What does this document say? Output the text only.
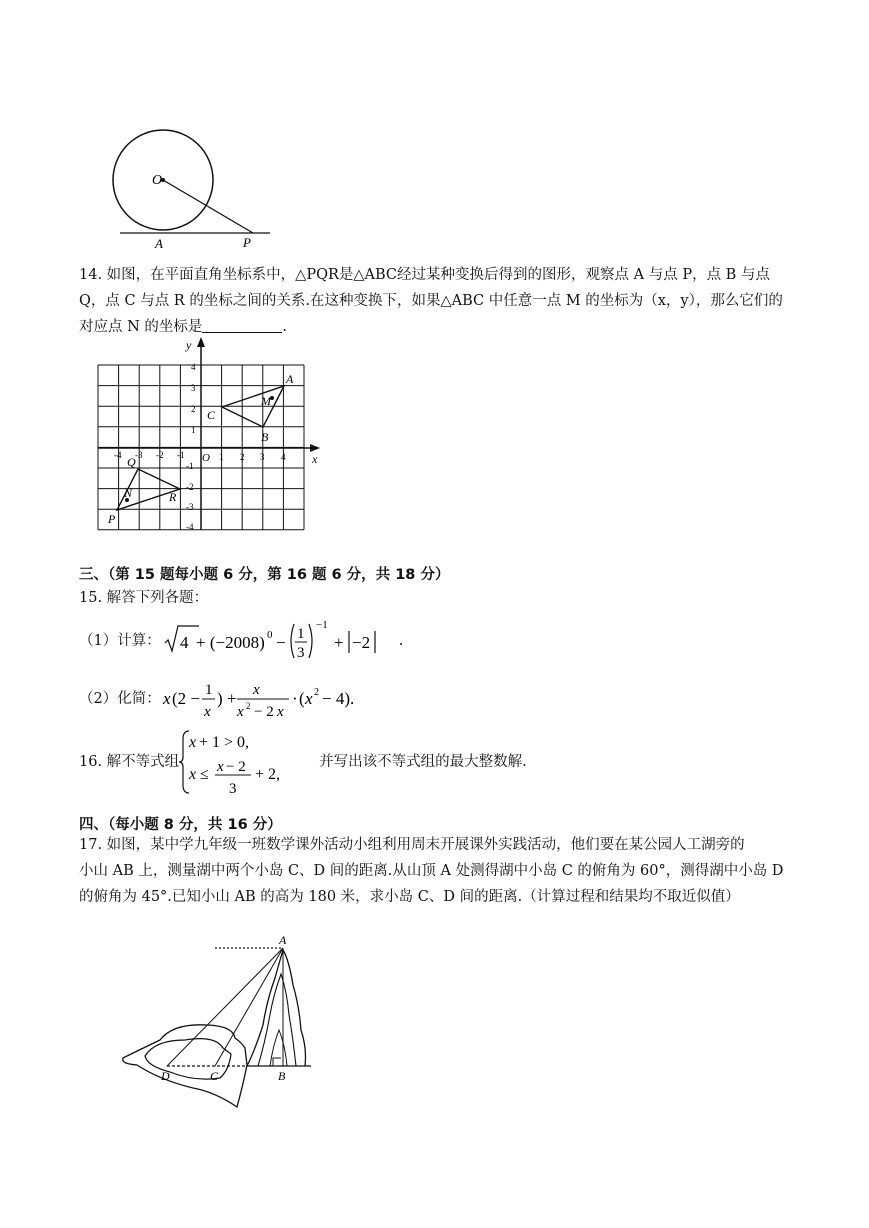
O
A	P
14. 如图，在平面直角坐标系中，△PQR是△ABC经过某种变换后得到的图形，观察点 A 与点 P，点 B 与点
Q，点 C 与点 R 的坐标之间的关系.在这种变换下，如果△ABC 中任意一点 M 的坐标为（x，y），那么它们的
对应点 N 的坐标是	.
x
y
O 1 2 3 4
-4 -3 -2 -1
4
3
2
1
-1
-2
-3
-4
A
B
C
M
P
Q
R
N
三、（第 15 题每小题 6 分，第 16 题 6 分，共 18 分）
15. 解答下列各题：
（1）计算： 4 + (−2008) 0 − 1
3
−1
+ −2 .
（2）化简： x (2 − 1
x
) + x
x 2 − 2 x
· ( x 2 − 4).
16. 解不等式组
x + 1 > 0,
x ≤ x − 2
3
+ 2,
并写出该不等式组的最大整数解.
四、（每小题 8 分，共 16 分）
17. 如图，某中学九年级一班数学课外活动小组利用周末开展课外实践活动，他们要在某公园人工湖旁的
小山 AB 上，测量湖中两个小岛 C、D 间的距离.从山顶 A 处测得湖中小岛 C 的俯角为 60°，测得湖中小岛 D
的俯角为 45°.已知小山 AB 的高为 180 米，求小岛 C、D 间的距离.（计算过程和结果均不取近似值）
A
B
C
D
